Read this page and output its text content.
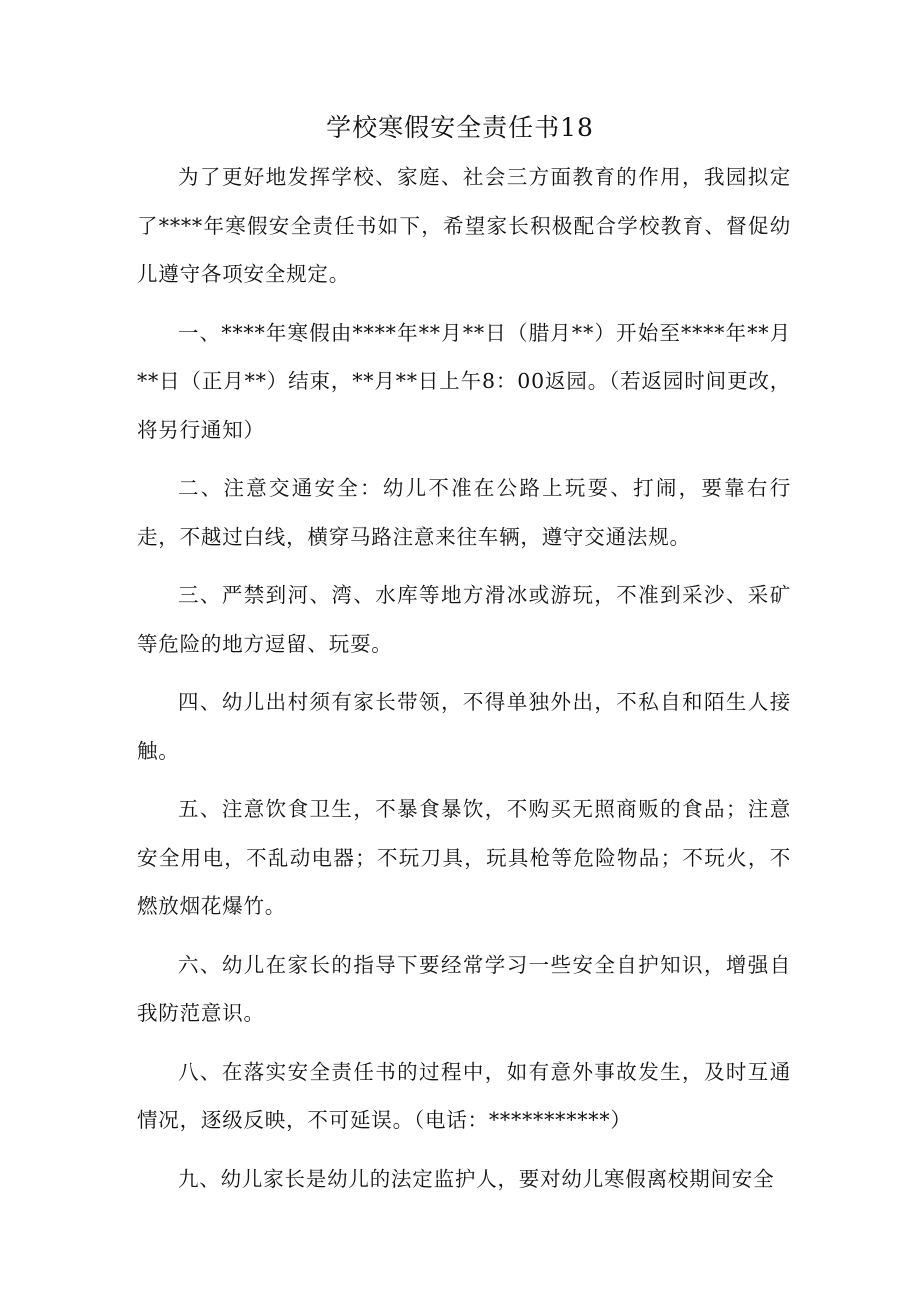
学校寒假安全责任书18

为了更好地发挥学校、家庭、社会三方面教育的作用，我园拟定了****年寒假安全责任书如下，希望家长积极配合学校教育、督促幼儿遵守各项安全规定。

一、****年寒假由****年**月**日（腊月**）开始至****年**月**日（正月**）结束，**月**日上午8：00返园。（若返园时间更改，将另行通知）

二、注意交通安全：幼儿不准在公路上玩耍、打闹，要靠右行走，不越过白线，横穿马路注意来往车辆，遵守交通法规。

三、严禁到河、湾、水库等地方滑冰或游玩，不准到采沙、采矿等危险的地方逗留、玩耍。

四、幼儿出村须有家长带领，不得单独外出，不私自和陌生人接触。

五、注意饮食卫生，不暴食暴饮，不购买无照商贩的食品；注意安全用电，不乱动电器；不玩刀具，玩具枪等危险物品；不玩火，不燃放烟花爆竹。

六、幼儿在家长的指导下要经常学习一些安全自护知识，增强自我防范意识。

八、在落实安全责任书的过程中，如有意外事故发生，及时互通情况，逐级反映，不可延误。（电话：***********）

九、幼儿家长是幼儿的法定监护人，要对幼儿寒假离校期间安全
